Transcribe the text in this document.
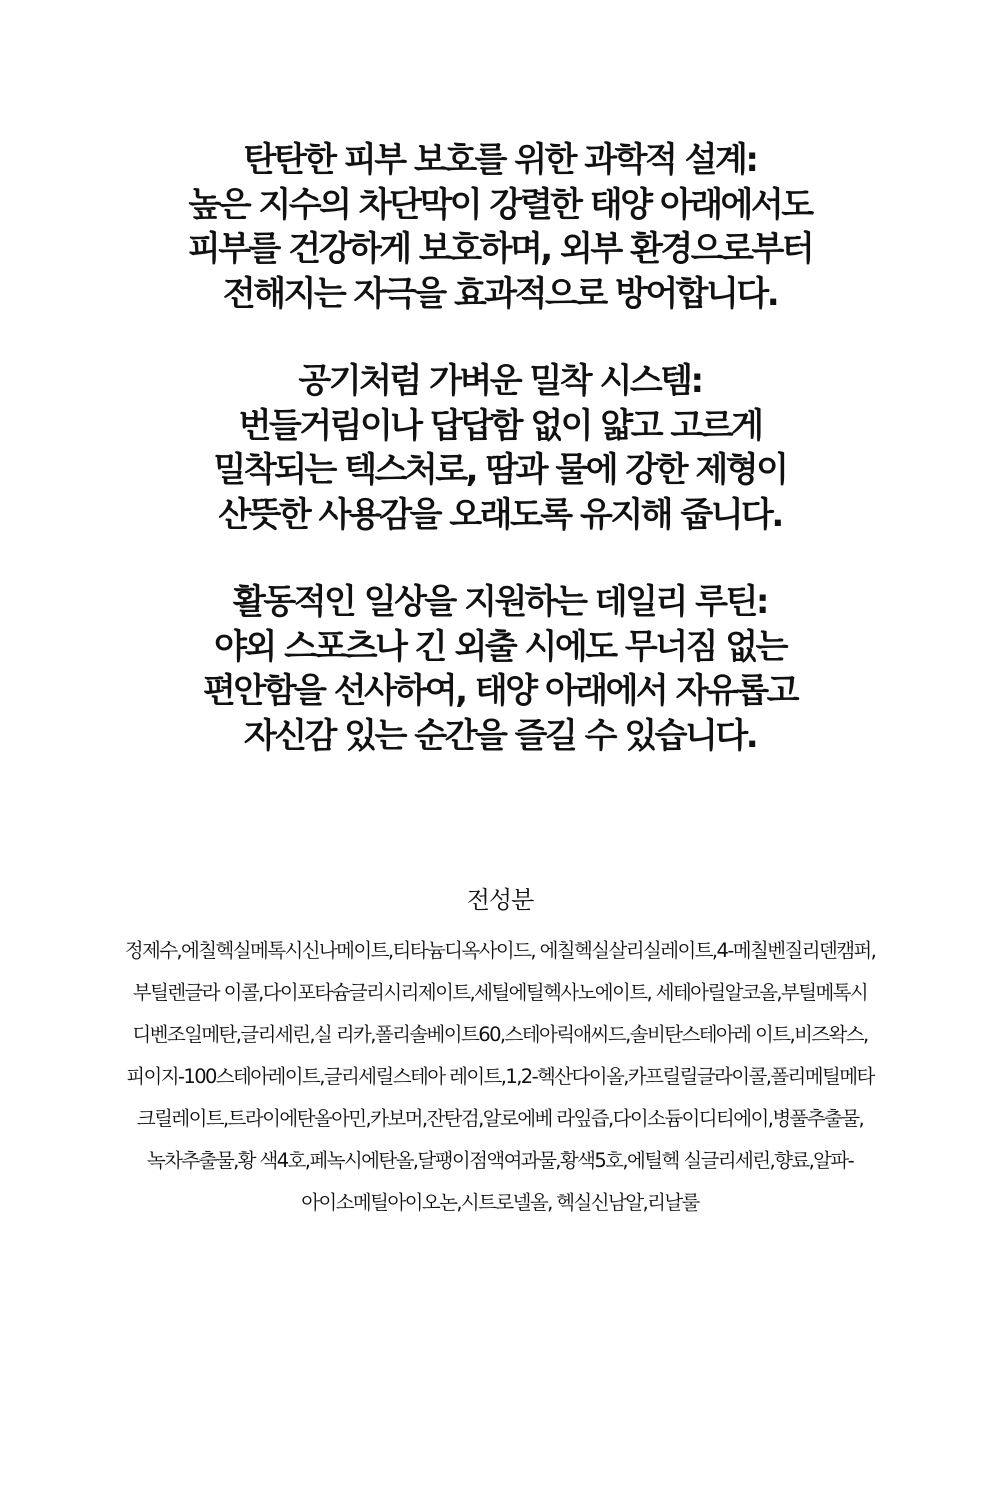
탄탄한 피부 보호를 위한 과학적 설계:
높은 지수의 차단막이 강렬한 태양 아래에서도
피부를 건강하게 보호하며, 외부 환경으로부터
전해지는 자극을 효과적으로 방어합니다.
공기처럼 가벼운 밀착 시스템:
번들거림이나 답답함 없이 얇고 고르게
밀착되는 텍스처로, 땀과 물에 강한 제형이
산뜻한 사용감을 오래도록 유지해 줍니다.
활동적인 일상을 지원하는 데일리 루틴:
야외 스포츠나 긴 외출 시에도 무너짐 없는
편안함을 선사하여, 태양 아래에서 자유롭고
자신감 있는 순간을 즐길 수 있습니다.
전성분
정제수,에칠헥실메톡시신나메이트,티타늄디옥사이드, 에칠헥실살리실레이트,4-메칠벤질리덴캠퍼,
부틸렌글라 이콜,다이포타슘글리시리제이트,세틸에틸헥사노에이트, 세테아릴알코올,부틸메톡시
디벤조일메탄,글리세린,실 리카,폴리솔베이트60,스테아릭애씨드,솔비탄스테아레 이트,비즈왁스,
피이지-100스테아레이트,글리세릴스테아 레이트,1,2-헥산다이올,카프릴릴글라이콜,폴리메틸메타
크릴레이트,트라이에탄올아민,카보머,잔탄검,알로에베 라잎즙,다이소듐이디티에이,병풀추출물,
녹차추출물,황 색4호,페녹시에탄올,달팽이점액여과물,황색5호,에틸헥 실글리세린,향료,알파-
아이소메틸아이오논,시트로넬올, 헥실신남알,리날룰
